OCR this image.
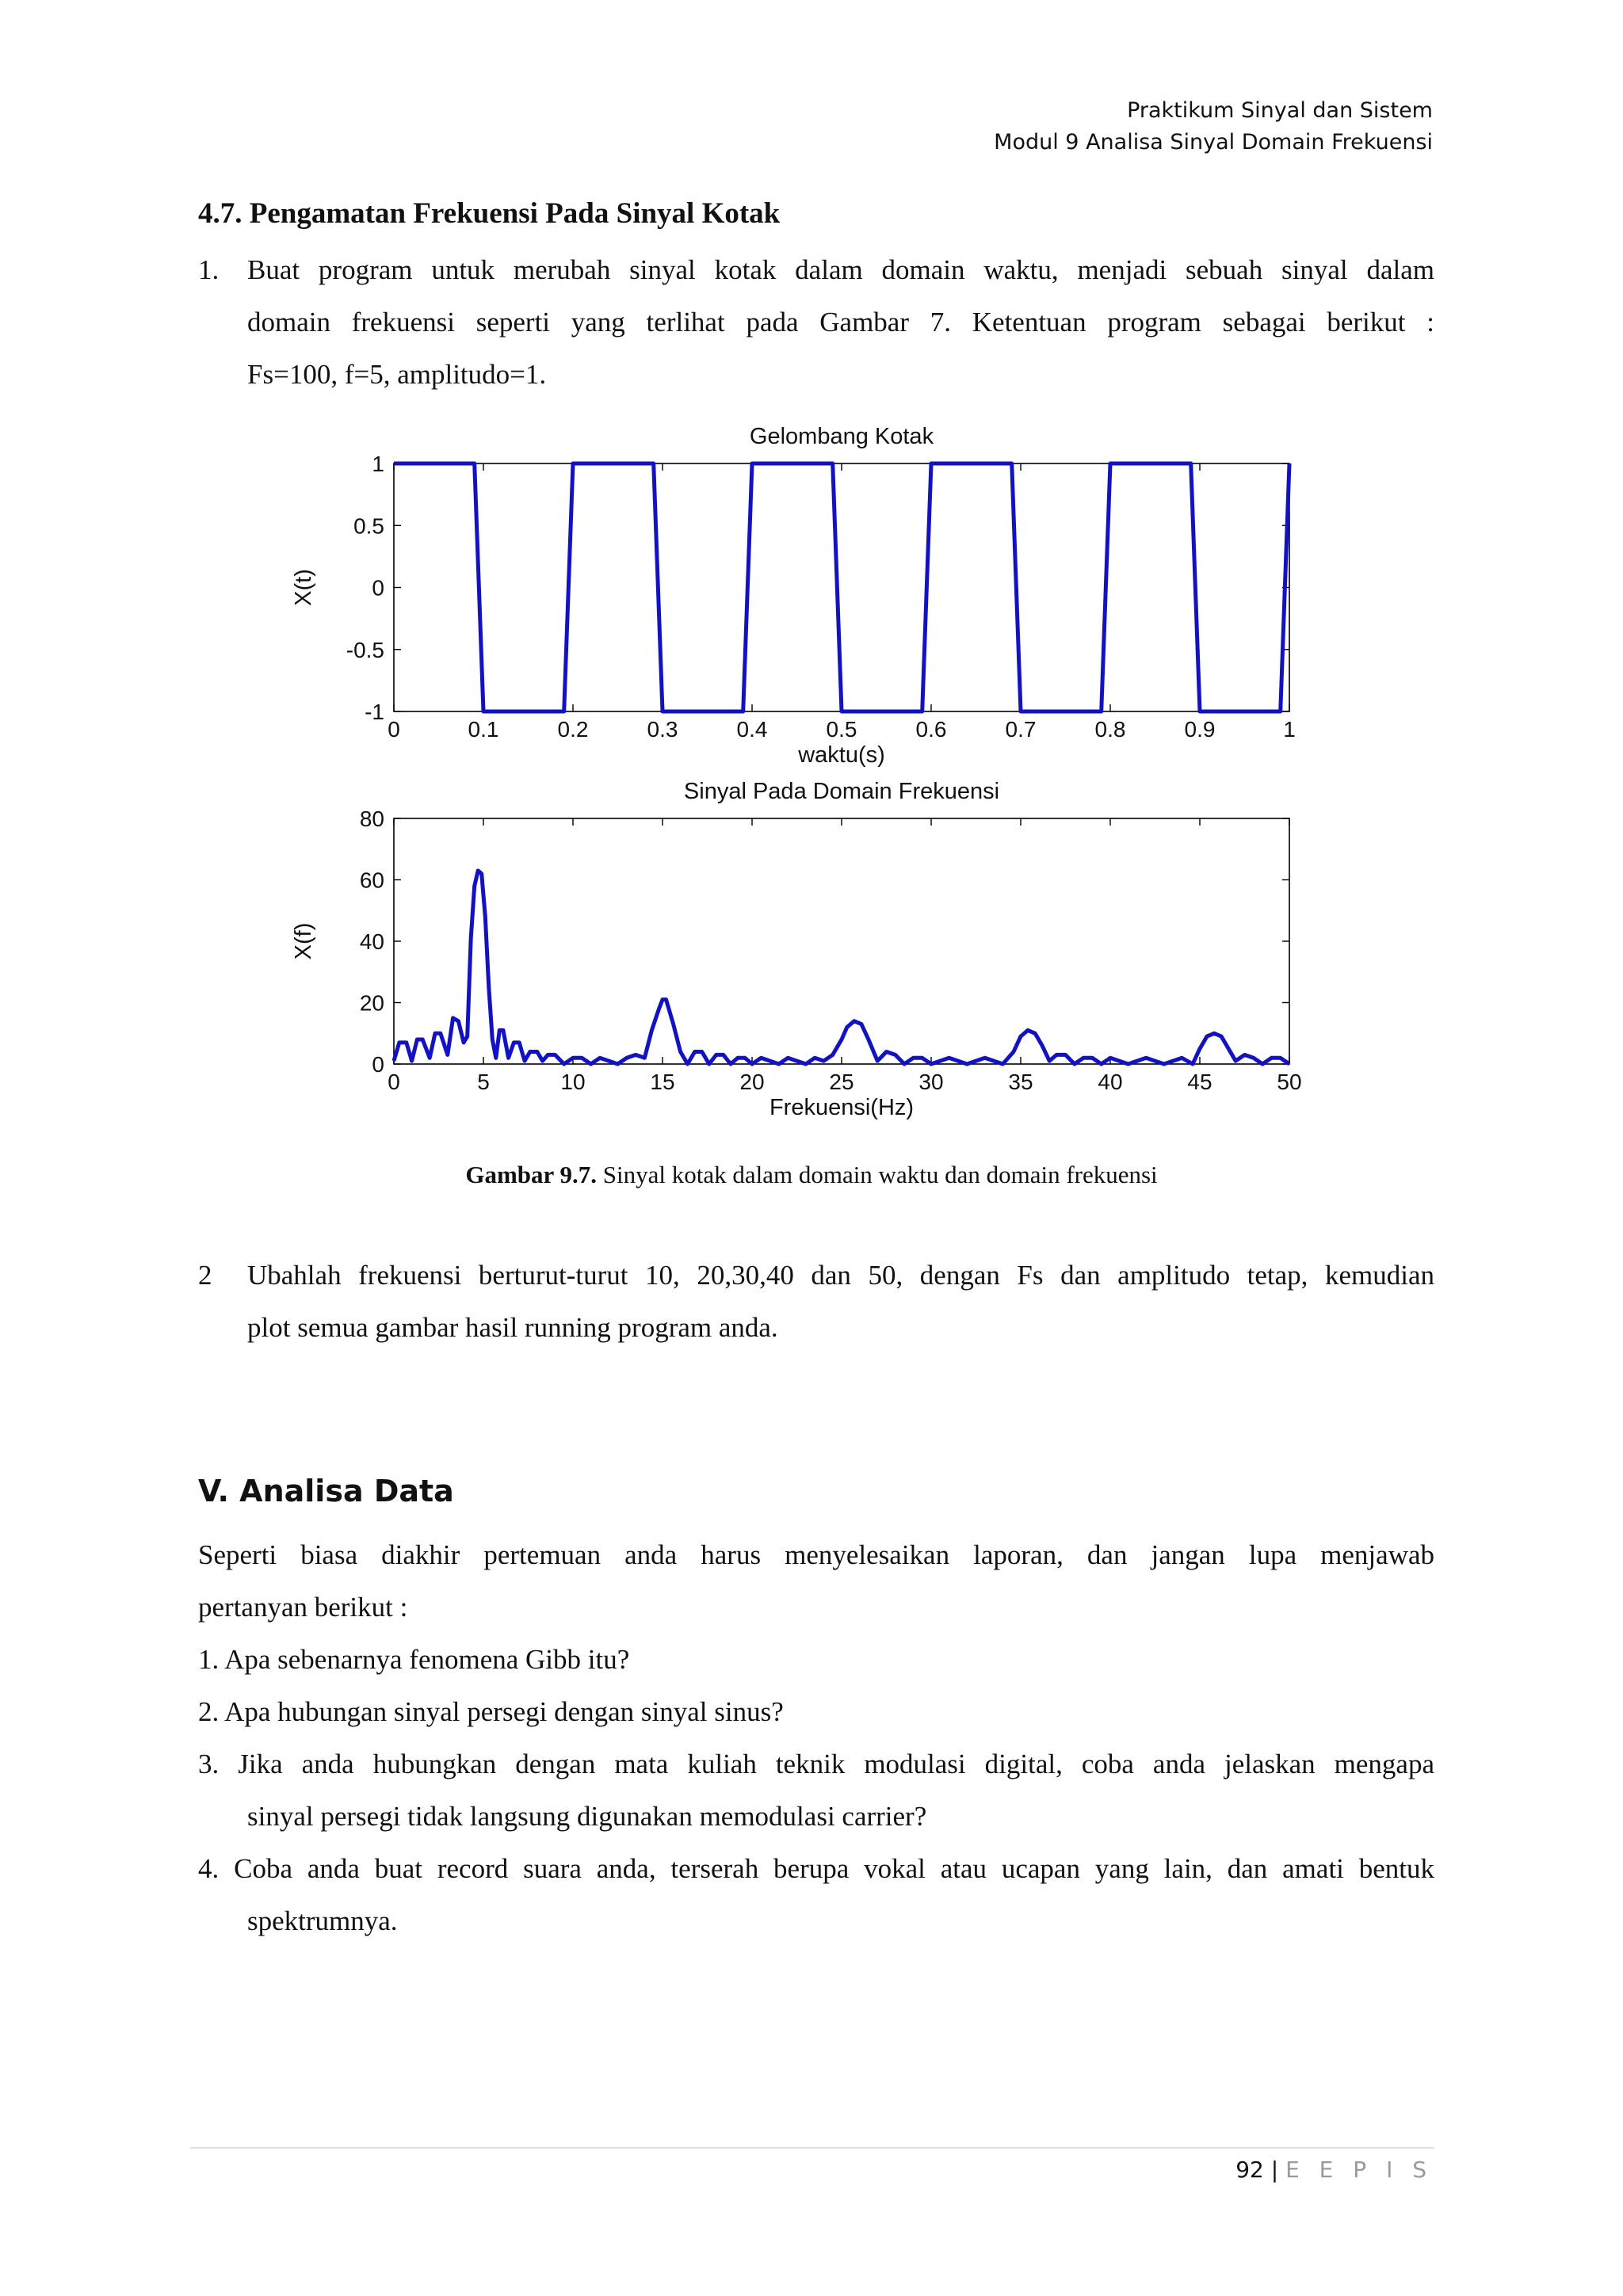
Praktikum Sinyal dan Sistem
Modul 9 Analisa Sinyal Domain Frekuensi
4.7. Pengamatan Frekuensi Pada Sinyal Kotak
1. Buat program untuk merubah sinyal kotak dalam domain waktu, menjadi sebuah sinyal dalam
domain frekuensi seperti yang terlihat pada Gambar 7. Ketentuan program sebagai berikut :
Fs=100, f=5, amplitudo=1.
0	0.1	0.2	0.3	0.4	0.5	0.6	0.7	0.8	0.9	1
1
0.5
0
-0.5
-1
Gelombang Kotak
waktu(s)
X(t)
0	5	10	15	20	25	30	35	40	45	50
80
60
40
20
0
Sinyal Pada Domain Frekuensi
Frekuensi(Hz)
X(f)
Gambar 9.7. Sinyal kotak dalam domain waktu dan domain frekuensi
2 Ubahlah frekuensi berturut-turut 10, 20,30,40 dan 50, dengan Fs dan amplitudo tetap, kemudian
plot semua gambar hasil running program anda.
V. Analisa Data
Seperti biasa diakhir pertemuan anda harus menyelesaikan laporan, dan jangan lupa menjawab
pertanyan berikut :
1. Apa sebenarnya fenomena Gibb itu?
2. Apa hubungan sinyal persegi dengan sinyal sinus?
3. Jika anda hubungkan dengan mata kuliah teknik modulasi digital, coba anda jelaskan mengapa
sinyal persegi tidak langsung digunakan memodulasi carrier?
4. Coba anda buat record suara anda, terserah berupa vokal atau ucapan yang lain, dan amati bentuk
spektrumnya.
92 | E E P I S
